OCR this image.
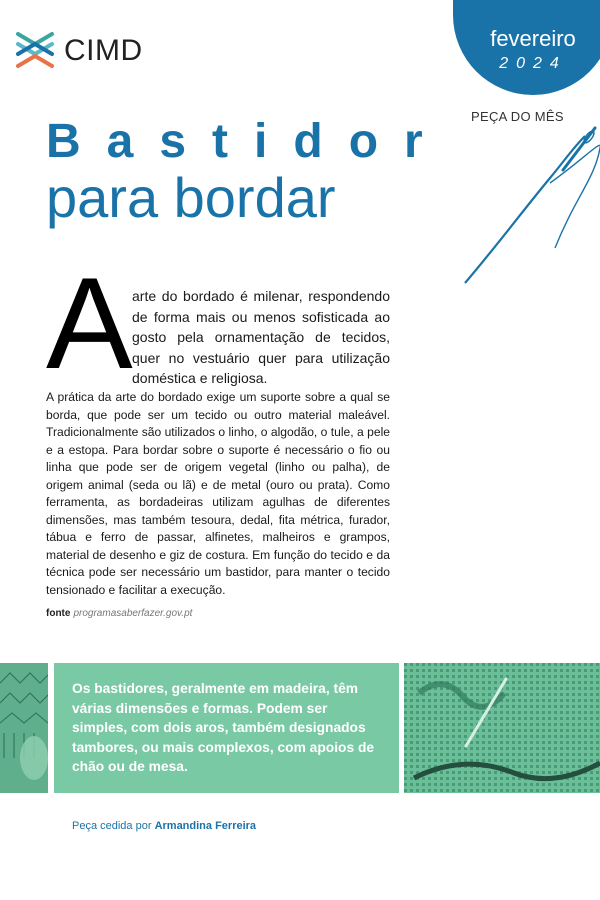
CIMD	fevereiro
2024
PEÇA DO MÊS
Bastidor
para bordar
A arte do bordado é milenar, respondendo de forma mais ou menos sofisticada ao gosto pela ornamentação de tecidos, quer no vestuário quer para utilização doméstica e religiosa.

A prática da arte do bordado exige um suporte sobre a qual se borda, que pode ser um tecido ou outro material maleável. Tradicionalmente são utilizados o linho, o algodão, o tule, a pele e a estopa. Para bordar sobre o suporte é necessário o fio ou linha que pode ser de origem vegetal (linho ou palha), de origem animal (seda ou lã) e de metal (ouro ou prata). Como ferramenta, as bordadeiras utilizam agulhas de diferentes dimensões, mas também tesoura, dedal, fita métrica, furador, tábua e ferro de passar, alfinetes, malheiros e grampos, material de desenho e giz de costura. Em função do tecido e da técnica pode ser necessário um bastidor, para manter o tecido tensionado e facilitar a execução.

fonte programasaberfazer.gov.pt

Os bastidores, geralmente em madeira, têm várias dimensões e formas. Podem ser simples, com dois aros, também designados tambores, ou mais complexos, com apoios de chão ou de mesa.

Peça cedida por Armandina Ferreira
